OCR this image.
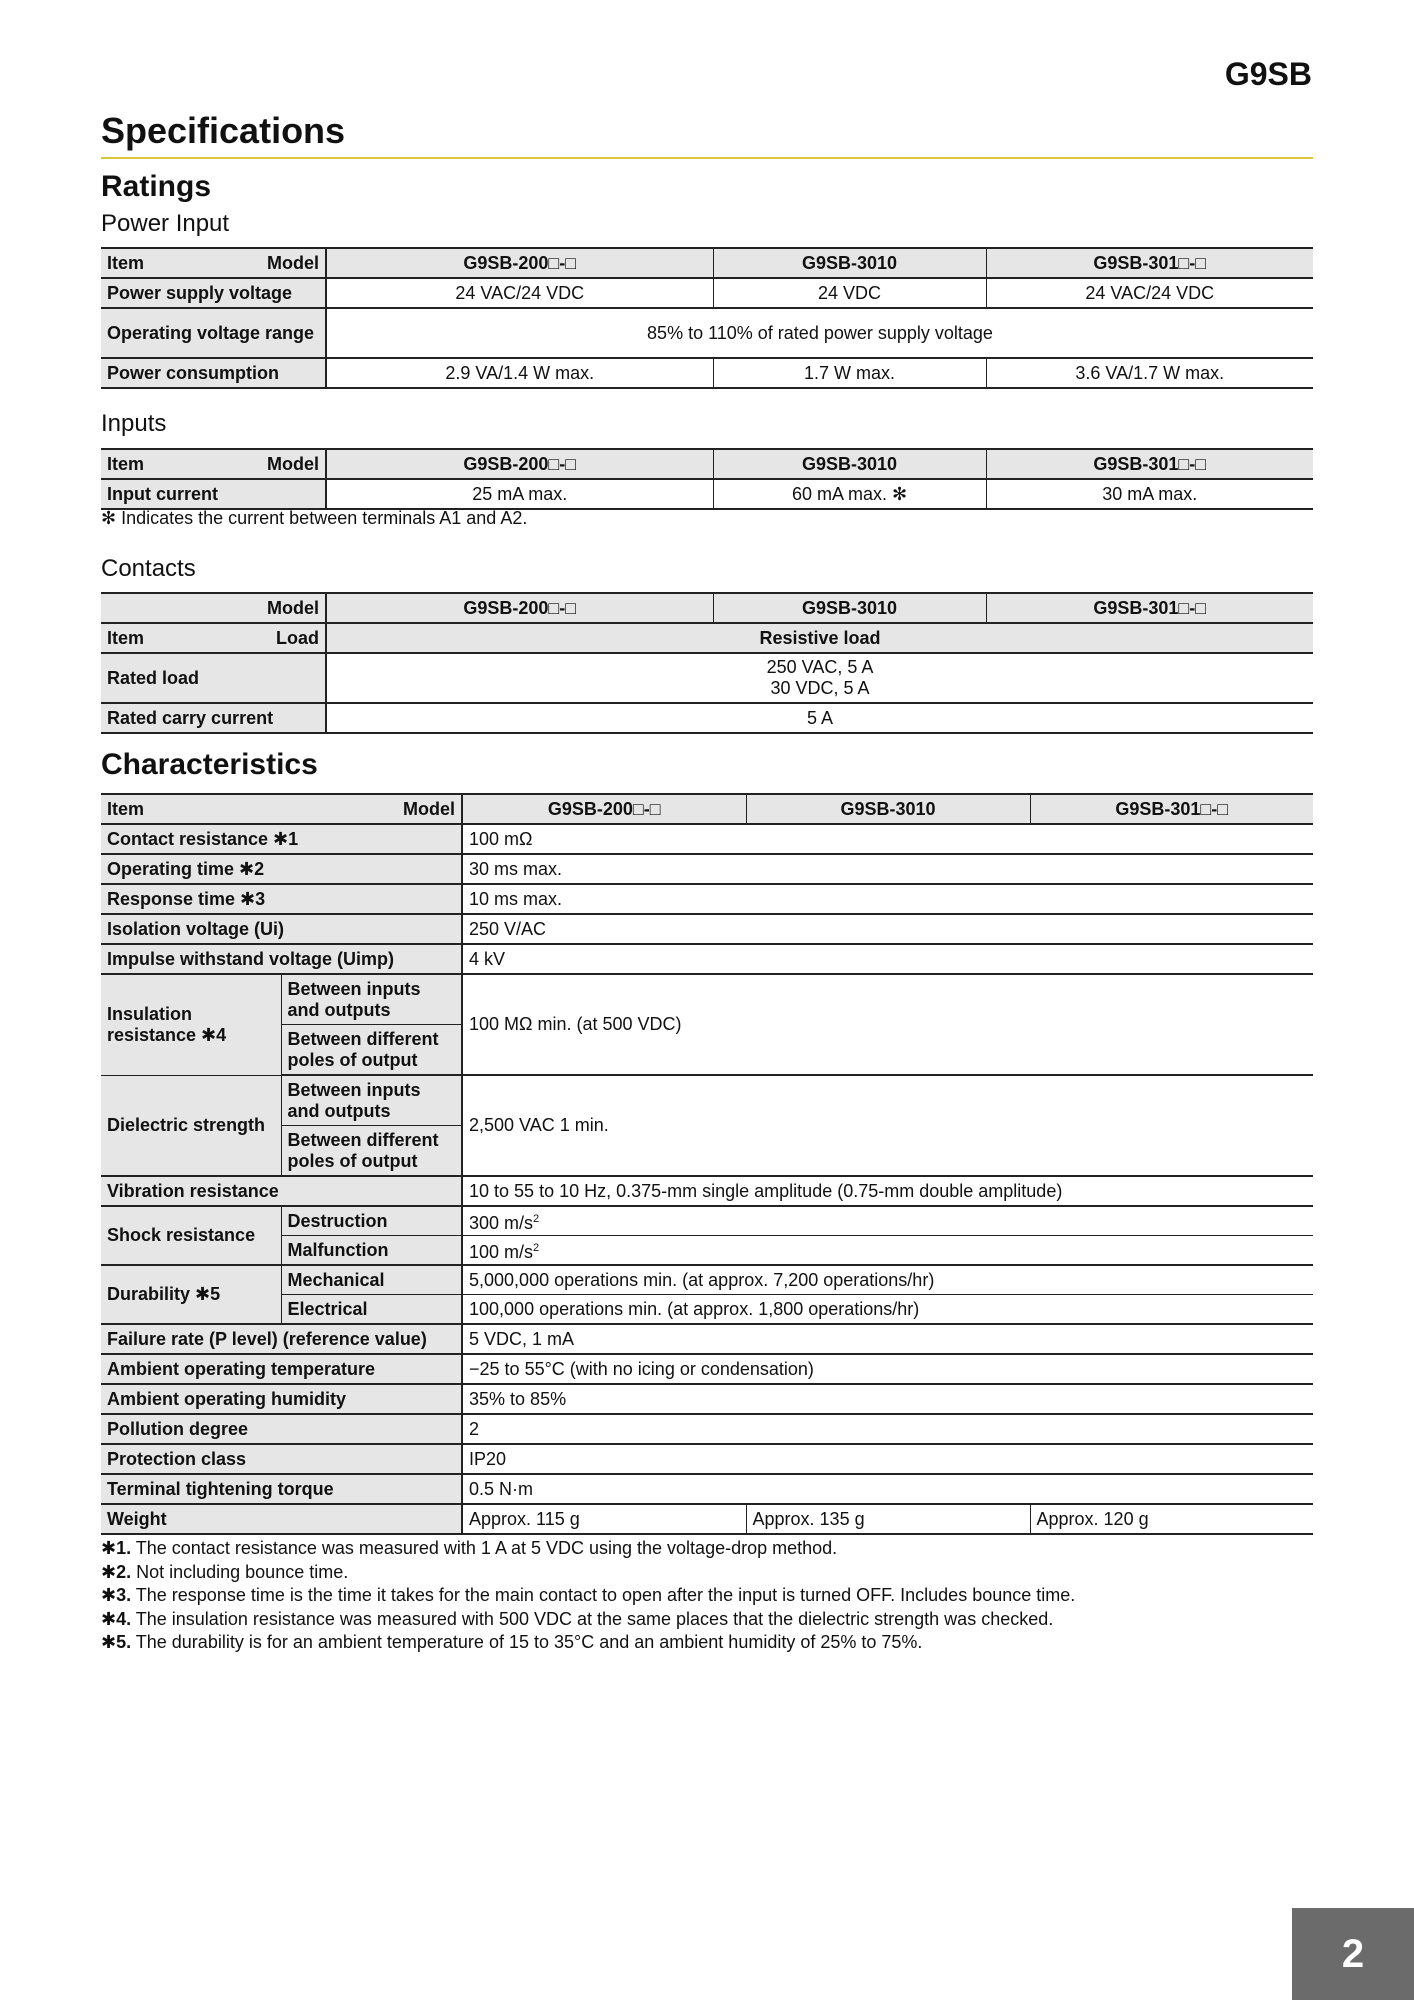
G9SB
Specifications
Ratings
Power Input
Item Model	G9SB-200□-□	G9SB-3010	G9SB-301□-□
Power supply voltage	24 VAC/24 VDC	24 VDC	24 VAC/24 VDC
Operating voltage range	85% to 110% of rated power supply voltage		
Power consumption	2.9 VA/1.4 W max.	1.7 W max.	3.6 VA/1.7 W max.
Inputs
Item Model	G9SB-200□-□	G9SB-3010	G9SB-301□-□
Input current	25 mA max.	60 mA max. ✻	30 mA max.
✻ Indicates the current between terminals A1 and A2.
Contacts
Model	G9SB-200□-□	G9SB-3010	G9SB-301□-□

Item Load	Resistive load		
Rated load	250 VAC, 5 A
30 VDC, 5 A		

Rated carry current	5 A		
Characteristics
Item Model		G9SB-200□-□	G9SB-3010	G9SB-301□-□
Contact resistance ✱1		100 mΩ		
Operating time ✱2		30 ms max.		
Response time ✱3		10 ms max.		
Isolation voltage (Ui)		250 V/AC		
Impulse withstand voltage (Uimp)		4 kV		
Insulation resistance ✱4	Between inputs and outputs	100 MΩ min. (at 500 VDC)		
	Between different poles of output			
Dielectric strength	Between inputs and outputs	2,500 VAC 1 min.		
	Between different poles of output			
Vibration resistance		10 to 55 to 10 Hz, 0.375-mm single amplitude (0.75-mm double amplitude)		
Shock resistance	Destruction	300 $m/s^2$
	Malfunction	100 $m/s^2$
Durability ✱5	Mechanical	5,000,000 operations min. (at approx. 7,200 operations/hr)		
	Electrical	100,000 operations min. (at approx. 1,800 operations/hr)		
Failure rate (P level) (reference value)		5 VDC, 1 mA		
Ambient operating temperature		−25 to 55°C (with no icing or condensation)		
Ambient operating humidity		35% to 85%		
Pollution degree		2		
Protection class		IP20		
Terminal tightening torque		0.5 N·m		
Weight		Approx. 115 g	Approx. 135 g	Approx. 120 g
✱1. The contact resistance was measured with 1 A at 5 VDC using the voltage-drop method.
✱2. Not including bounce time.
✱3. The response time is the time it takes for the main contact to open after the input is turned OFF. Includes bounce time.
✱4. The insulation resistance was measured with 500 VDC at the same places that the dielectric strength was checked.
✱5. The durability is for an ambient temperature of 15 to 35°C and an ambient humidity of 25% to 75%.
2
